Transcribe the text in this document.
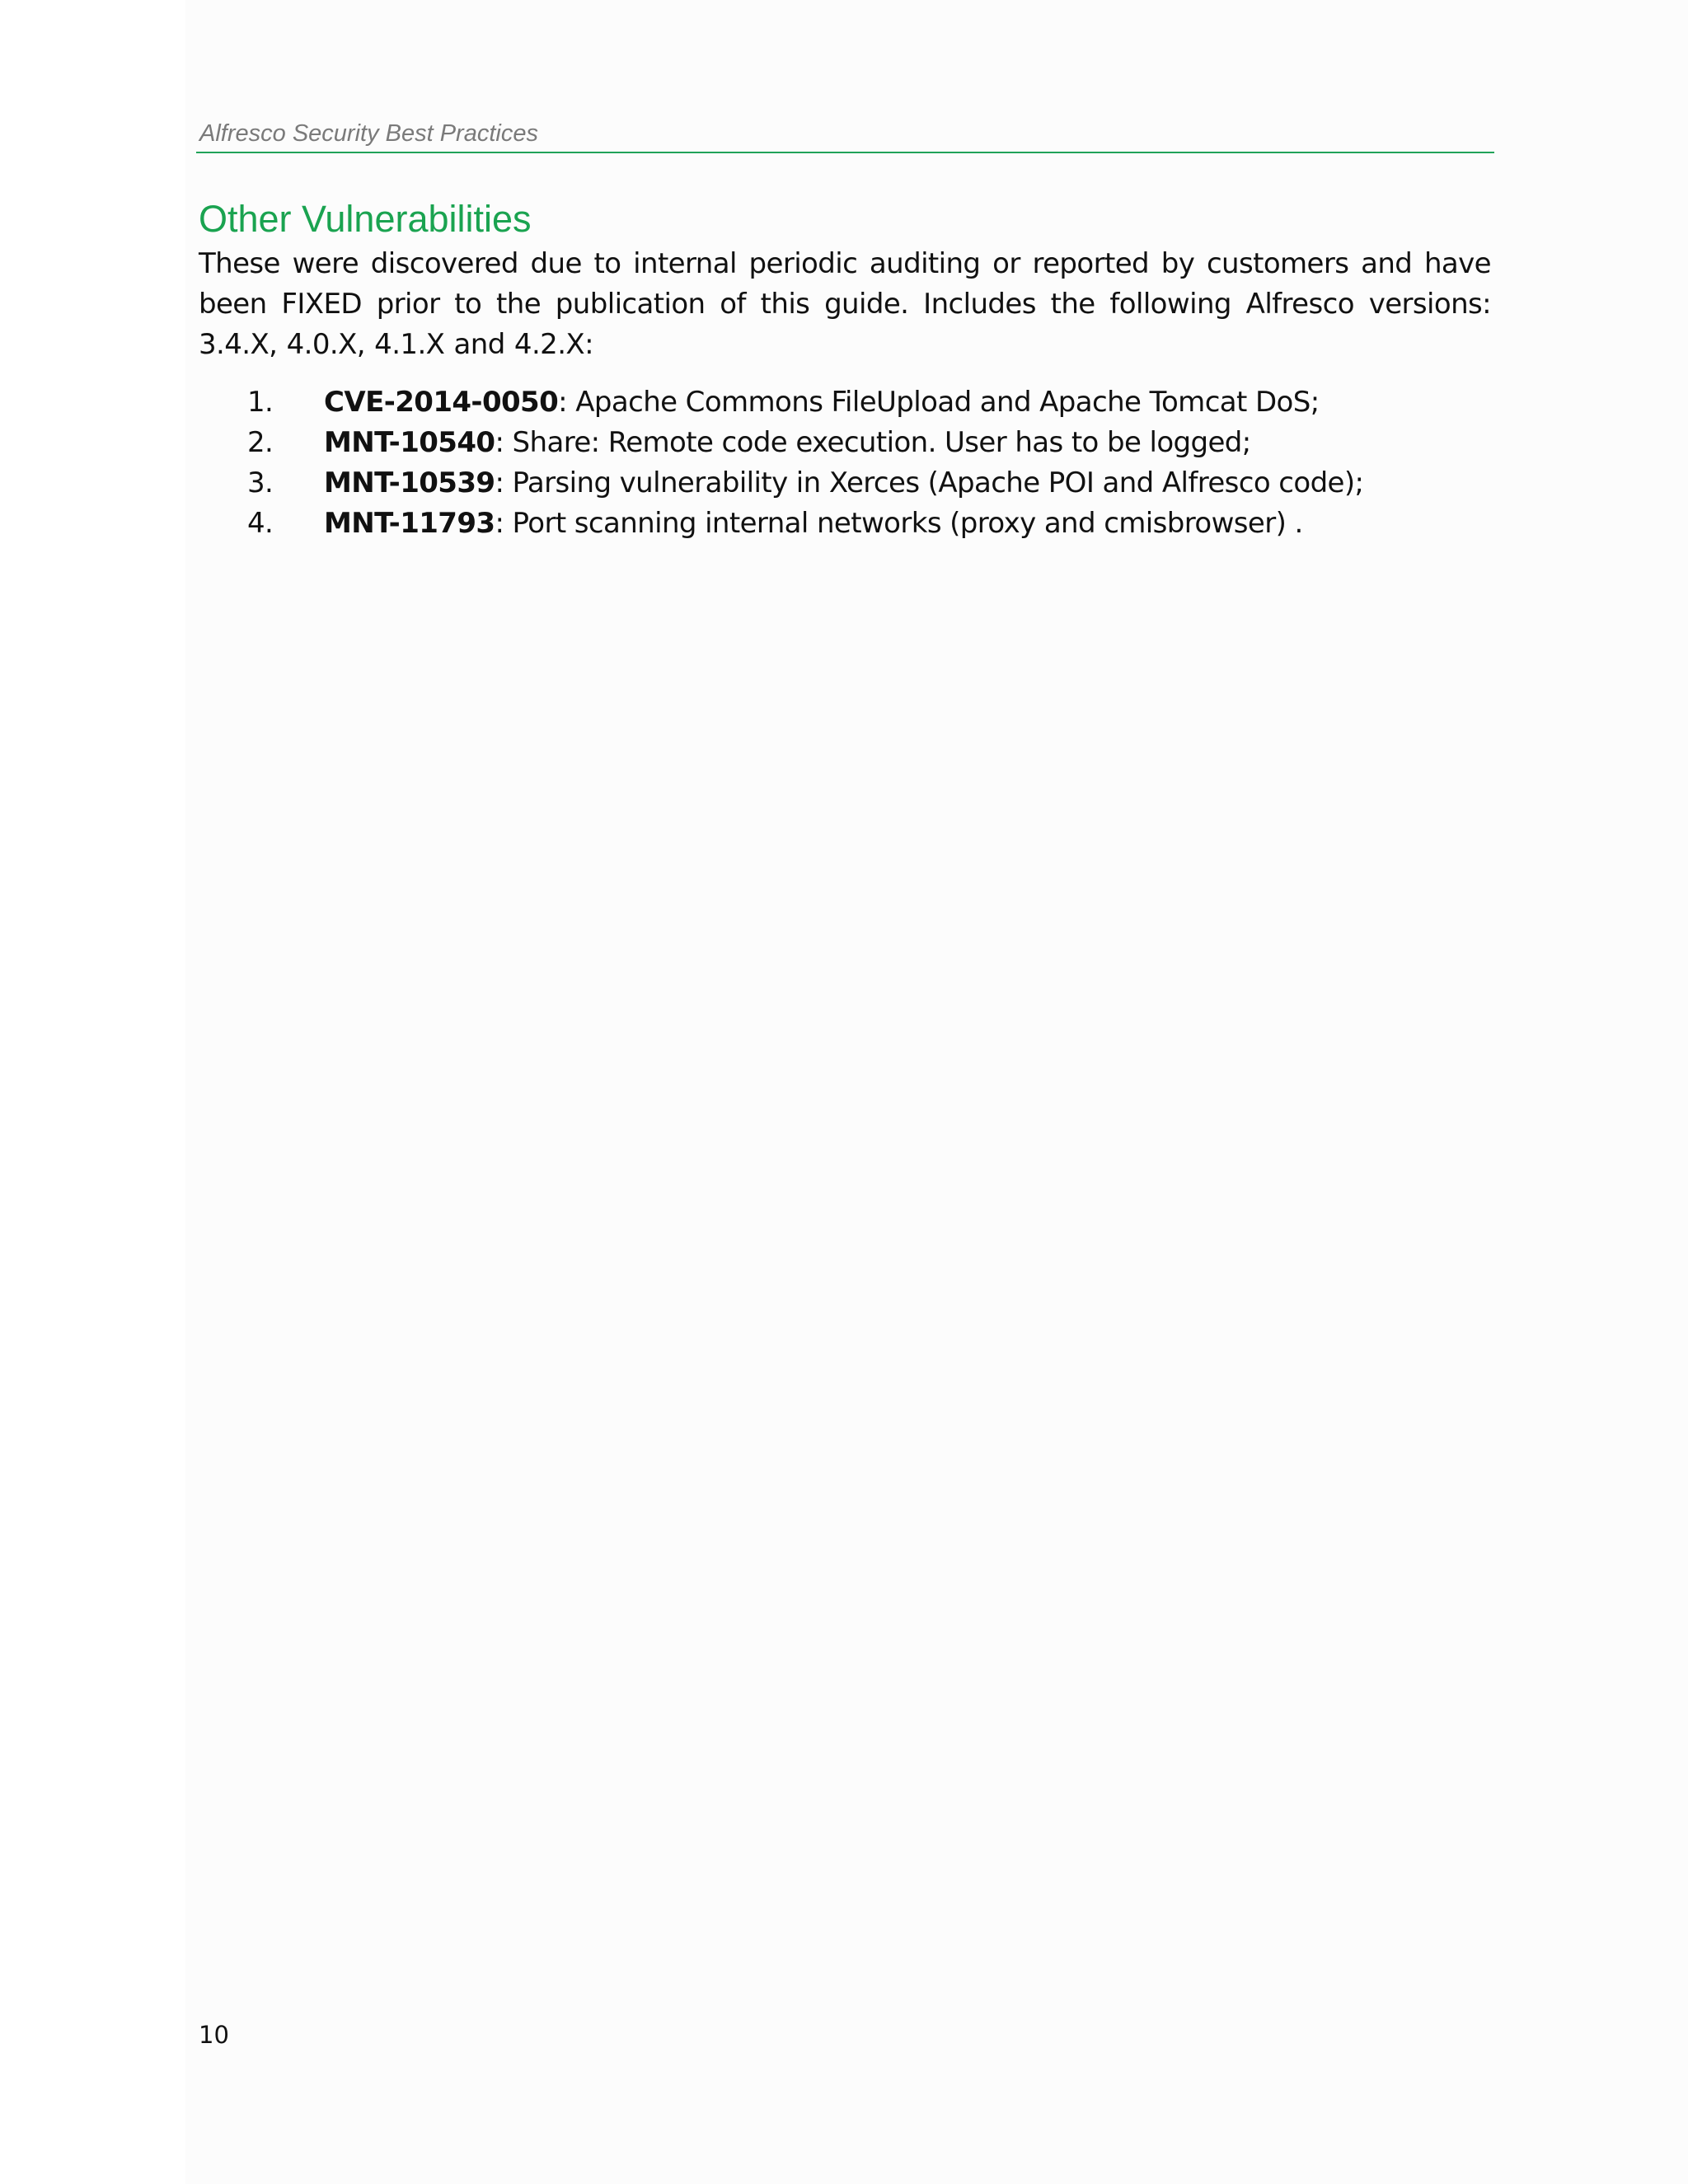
Alfresco Security Best Practices
Other Vulnerabilities

These were discovered due to internal periodic auditing or reported by customers and have been FIXED prior to the publication of this guide. Includes the following Alfresco versions: 3.4.X, 4.0.X, 4.1.X and 4.2.X:

1. CVE-2014-0050: Apache Commons FileUpload and Apache Tomcat DoS;
2. MNT-10540: Share: Remote code execution. User has to be logged;
3. MNT-10539: Parsing vulnerability in Xerces (Apache POI and Alfresco code);
4. MNT-11793: Port scanning internal networks (proxy and cmisbrowser) .
10
